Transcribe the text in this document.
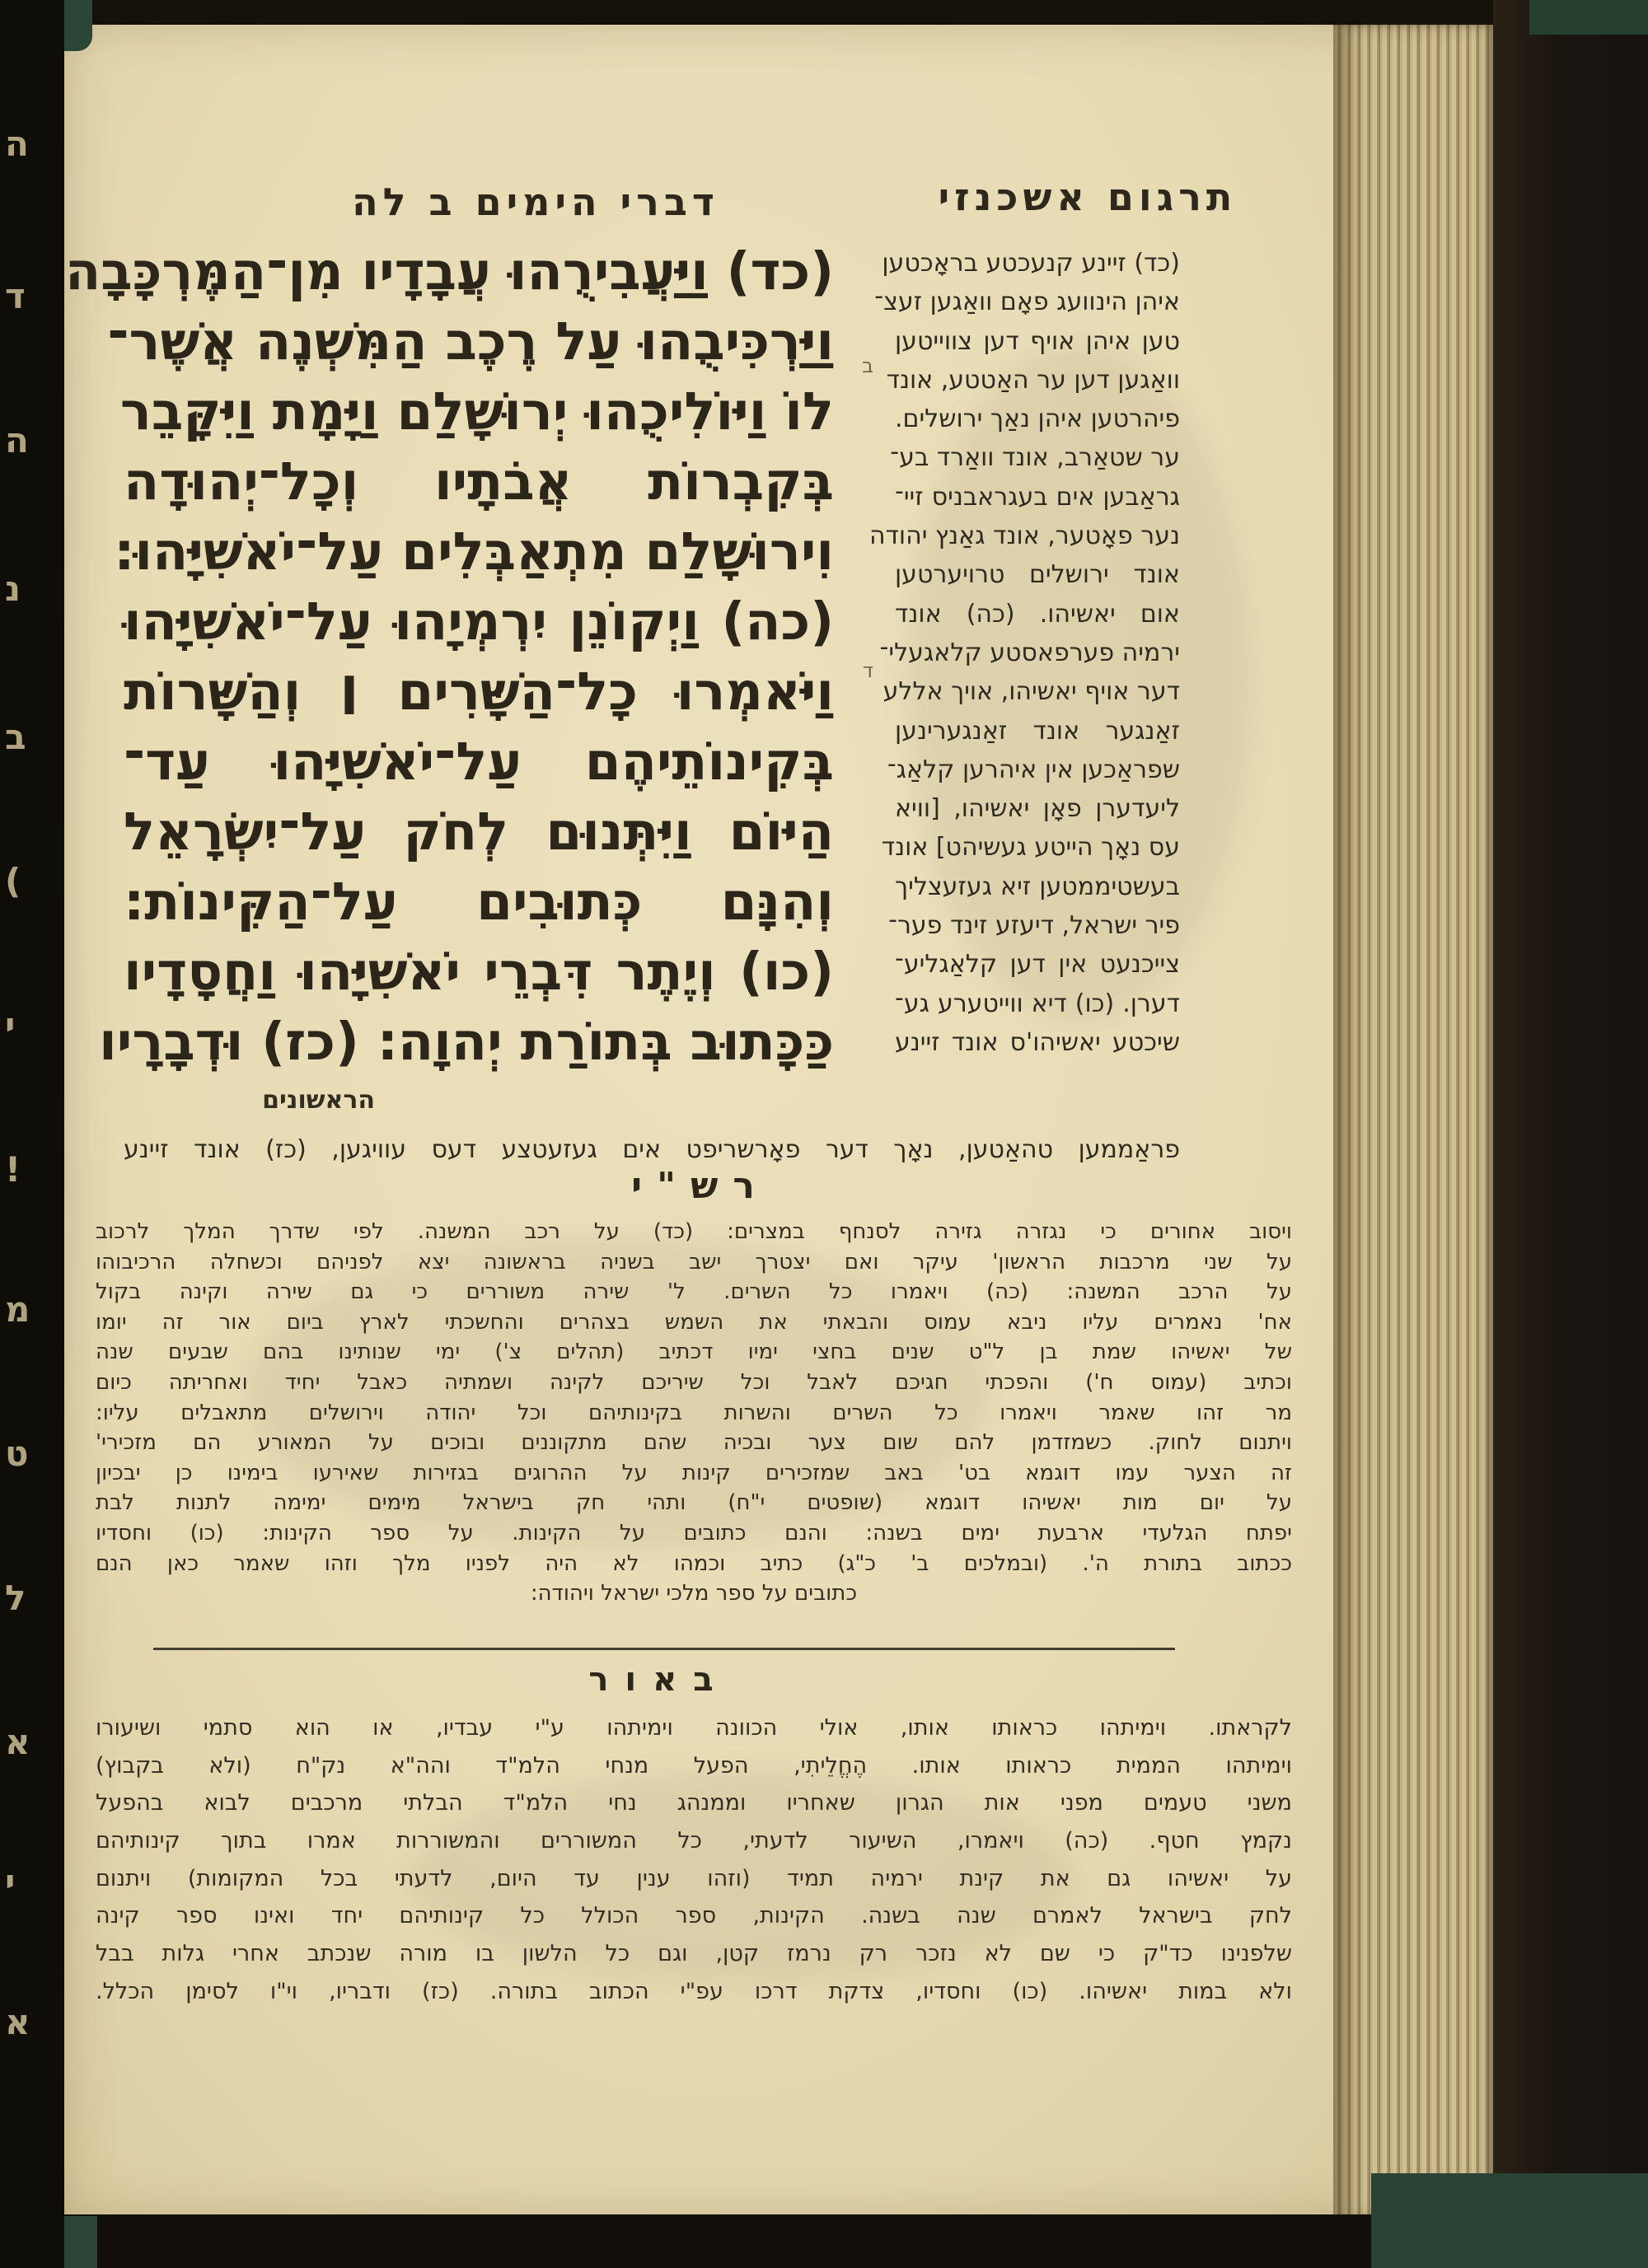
ה
ד
ה
נ
ב
)
י
!
מ
ט
ל
א
י
א
תרגום אשכנזי
דברי הימים ב לה
(כד) וַיַּעֲבִירֻהוּ עֲבָדָיו מִן־הַמֶּרְכָּבָה
וַיַּרְכִּיבֻהוּ עַל רֶכֶב הַמִּשְׁנֶה אֲשֶׁר־
לוֹ וַיּוֹלִיכֻהוּ יְרוּשָׁלִַם וַיָּמָת וַיִּקָּבֵר
בְּקִבְרוֹת אֲבֹתָיו וְכָל־יְהוּדָה
וִירוּשָׁלִַם מִתְאַבְּלִים עַל־יֹאשִׁיָּהוּ:
(כה) וַיְקוֹנֵן יִרְמְיָהוּ עַל־יֹאשִׁיָּהוּ
וַיֹּאמְרוּ כָל־הַשָּׁרִים ׀ וְהַשָּׁרוֹת
בְּקִינוֹתֵיהֶם עַל־יֹאשִׁיָּהוּ עַד־
הַיּוֹם וַיִּתְּנוּם לְחֹק עַל־יִשְׂרָאֵל
וְהִנָּם כְּתוּבִים עַל־הַקִּינוֹת:
(כו) וְיֶתֶר דִּבְרֵי יֹאשִׁיָּהוּ וַחֲסָדָיו
כַּכָּתוּב בְּתוֹרַת יְהוָה: (כז) וּדְבָרָיו
הראשונים
ב
ד
(כד) זיינע קנעכטע בראָכטען
איהן הינוועג פאָם וואַגען זעצ־
טען איהן אויף דען צווייטען
וואַגען דען ער האַטטע, אונד
פיהרטען איהן נאַך ירושלים.
ער שטאַרב, אונד וואַרד בע־
גראַבען אים בעגראבניס זיי־
נער פאָטער, אונד גאַנץ יהודה
אונד ירושלים טרויערטען
אום יאשיהו. (כה) אונד
ירמיה פערפאסטע קלאגעלי־
דער אויף יאשיהו, אויך אללע
זאַנגער אונד זאַנגערינען
שפראַכען אין איהרען קלאַג־
ליעדערן פאָן יאשיהו, [וויא
עס נאָך הייטע געשיהט] אונד
בעשטיממטען זיא געזעצליך
פיר ישראל, דיעזע זינד פער־
צייכנעט אין דען קלאַגליע־
דערן. (כו) דיא ווייטערע גע־
שיכטע יאשיהו'ס אונד זיינע
פראַממען טהאַטען, נאָך דער פאָרשריפט אים געזעטצע דעס עוויגען, (כז) אונד זיינע
רש"י
ויסוב אחורים כי נגזרה גזירה לסנחף במצרים: (כד) על רכב המשנה. לפי שדרך המלך לרכוב
על שני מרכבות הראשון' עיקר ואם יצטרך ישב בשניה בראשונה יצא לפניהם וכשחלה הרכיבוהו
על הרכב המשנה: (כה) ויאמרו כל השרים. ל' שירה משוררים כי גם שירה וקינה בקול
אח' נאמרים עליו ניבא עמוס והבאתי את השמש בצהרים והחשכתי לארץ ביום אור זה יומו
של יאשיהו שמת בן ל"ט שנים בחצי ימיו דכתיב (תהלים צ') ימי שנותינו בהם שבעים שנה
וכתיב (עמוס ח') והפכתי חגיכם לאבל וכל שיריכם לקינה ושמתיה כאבל יחיד ואחריתה כיום
מר זהו שאמר ויאמרו כל השרים והשרות בקינותיהם וכל יהודה וירושלים מתאבלים עליו:
ויתנום לחוק. כשמזדמן להם שום צער ובכיה שהם מתקוננים ובוכים על המאורע הם מזכירי'
זה הצער עמו דוגמא בט' באב שמזכירים קינות על ההרוגים בגזירות שאירעו בימינו כן יבכיון
על יום מות יאשיהו דוגמא (שופטים י"ח) ותהי חק בישראל מימים ימימה לתנות לבת
יפתח הגלעדי ארבעת ימים בשנה: והנם כתובים על הקינות. על ספר הקינות: (כו) וחסדיו
ככתוב בתורת ה'. (ובמלכים ב' כ"ג) כתיב וכמהו לא היה לפניו מלך וזהו שאמר כאן הנם
כתובים על ספר מלכי ישראל ויהודה:
באור
לקראתו. וימיתהו כראותו אותו, אולי הכוונה וימיתהו ע"י עבדיו, או הוא סתמי ושיעורו
וימיתהו הממית כראותו אותו. הֶחֱלֵיתִי, הפעל מנחי הלמ"ד והה"א נק"ח (ולא בקבוץ)
משני טעמים מפני אות הגרון שאחריו וממנהג נחי הלמ"ד הבלתי מרכבים לבוא בהפעל
נקמץ חטף. (כה) ויאמרו, השיעור לדעתי, כל המשוררים והמשוררות אמרו בתוך קינותיהם
על יאשיהו גם את קינת ירמיה תמיד (וזהו ענין עד היום, לדעתי בכל המקומות) ויתנום
לחק בישראל לאמרם שנה בשנה. הקינות, ספר הכולל כל קינותיהם יחד ואינו ספר קינה
שלפנינו כד"ק כי שם לא נזכר רק נרמז קטן, וגם כל הלשון בו מורה שנכתב אחרי גלות בבל
ולא במות יאשיהו. (כו) וחסדיו, צדקת דרכו עפ"י הכתוב בתורה. (כז) ודבריו, וי"ו לסימן הכלל.
